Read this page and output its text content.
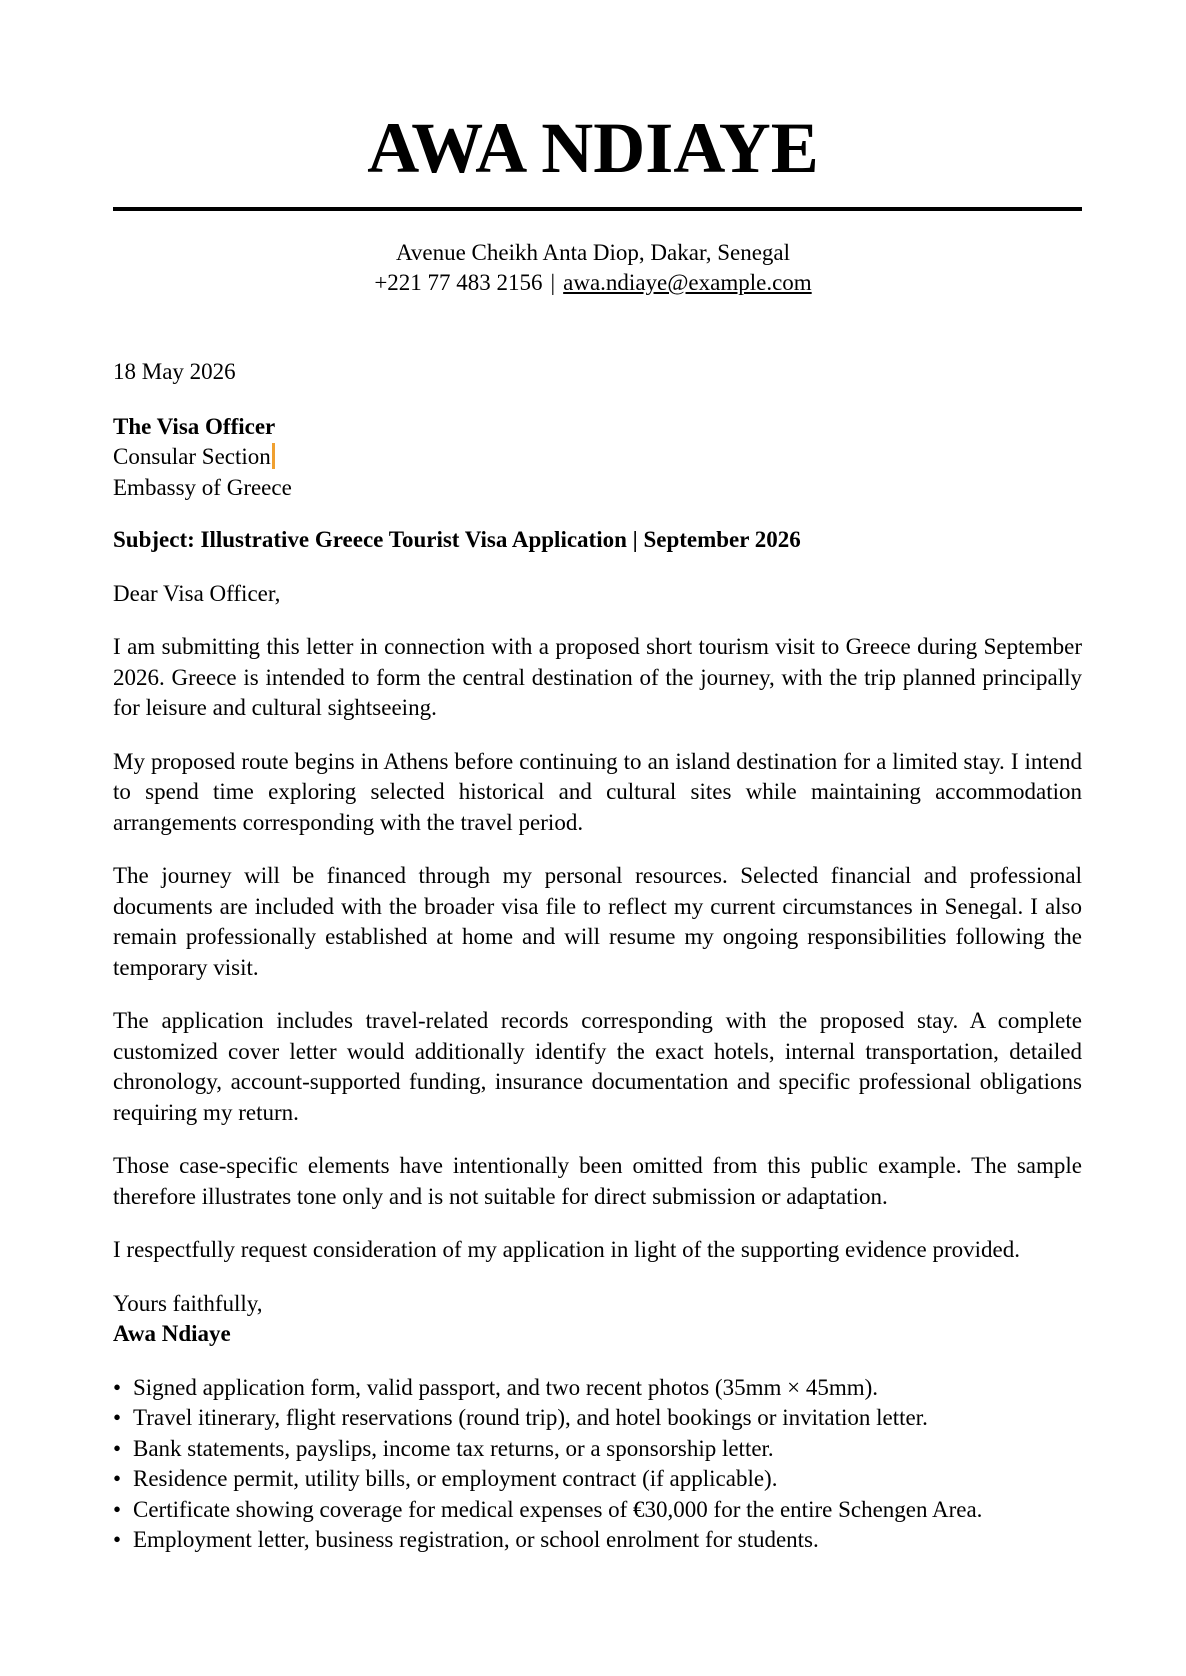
AWA NDIAYE
Avenue Cheikh Anta Diop, Dakar, Senegal
+221 77 483 2156 | awa.ndiaye@example.com

18 May 2026

The Visa Officer
Consular Section
Embassy of Greece

Subject: Illustrative Greece Tourist Visa Application | September 2026

Dear Visa Officer,

I am submitting this letter in connection with a proposed short tourism visit to Greece during September 2026. Greece is intended to form the central destination of the journey, with the trip planned principally for leisure and cultural sightseeing.

My proposed route begins in Athens before continuing to an island destination for a limited stay. I intend to spend time exploring selected historical and cultural sites while maintaining accommodation arrangements corresponding with the travel period.

The journey will be financed through my personal resources. Selected financial and professional documents are included with the broader visa file to reflect my current circumstances in Senegal. I also remain professionally established at home and will resume my ongoing responsibilities following the temporary visit.

The application includes travel-related records corresponding with the proposed stay. A complete customized cover letter would additionally identify the exact hotels, internal transportation, detailed chronology, account-supported funding, insurance documentation and specific professional obligations requiring my return.

Those case-specific elements have intentionally been omitted from this public example. The sample therefore illustrates tone only and is not suitable for direct submission or adaptation.

I respectfully request consideration of my application in light of the supporting evidence provided.

Yours faithfully,
Awa Ndiaye
• Signed application form, valid passport, and two recent photos (35mm × 45mm).
• Travel itinerary, flight reservations (round trip), and hotel bookings or invitation letter.
• Bank statements, payslips, income tax returns, or a sponsorship letter.
• Residence permit, utility bills, or employment contract (if applicable).
• Certificate showing coverage for medical expenses of €30,000 for the entire Schengen Area.
• Employment letter, business registration, or school enrolment for students.
